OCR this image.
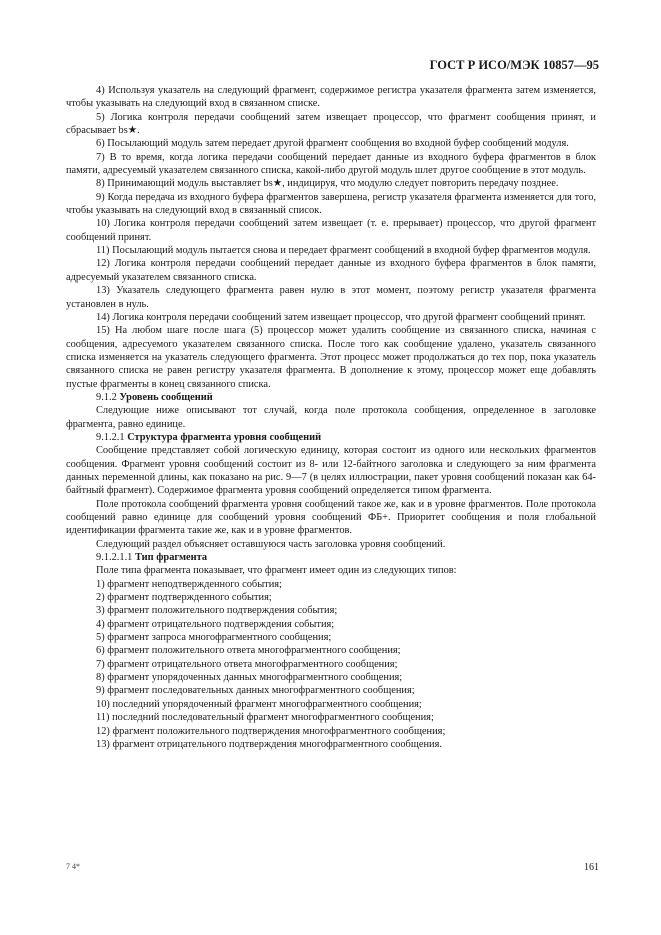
ГОСТ Р ИСО/МЭК 10857—95

4) Используя указатель на следующий фрагмент, содержимое регистра указателя фрагмента затем изменяется, чтобы указывать на следующий вход в связанном списке.

5) Логика контроля передачи сообщений затем извещает процессор, что фрагмент сообщения принят, и сбрасывает bs★.

6) Посылающий модуль затем передает другой фрагмент сообщения во входной буфер сообщений модуля.

7) В то время, когда логика передачи сообщений передает данные из входного буфера фрагментов в блок памяти, адресуемый указателем связанного списка, какой-либо другой модуль шлет другое сообщение в этот модуль.

8) Принимающий модуль выставляет bs★, индицируя, что модулю следует повторить передачу позднее.

9) Когда передача из входного буфера фрагментов завершена, регистр указателя фрагмента изменяется для того, чтобы указывать на следующий вход в связанный список.

10) Логика контроля передачи сообщений затем извещает (т. е. прерывает) процессор, что другой фрагмент сообщений принят.

11) Посылающий модуль пытается снова и передает фрагмент сообщений в входной буфер фрагментов модуля.

12) Логика контроля передачи сообщений передает данные из входного буфера фрагментов в блок памяти, адресуемый указателем связанного списка.

13) Указатель следующего фрагмента равен нулю в этот момент, поэтому регистр указателя фрагмента установлен в нуль.

14) Логика контроля передачи сообщений затем извещает процессор, что другой фрагмент сообщений принят.

15) На любом шаге после шага (5) процессор может удалить сообщение из связанного списка, начиная с сообщения, адресуемого указателем связанного списка. После того как сообщение удалено, указатель связанного списка изменяется на указатель следующего фрагмента. Этот процесс может продолжаться до тех пор, пока указатель связанного списка не равен регистру указателя фрагмента. В дополнение к этому, процессор может еще добавлять пустые фрагменты в конец связанного списка.

9.1.2 Уровень сообщений

Следующие ниже описывают тот случай, когда поле протокола сообщения, определенное в заголовке фрагмента, равно единице.

9.1.2.1 Структура фрагмента уровня сообщений

Сообщение представляет собой логическую единицу, которая состоит из одного или нескольких фрагментов сообщения. Фрагмент уровня сообщений состоит из 8- или 12-байтного заголовка и следующего за ним фрагмента данных переменной длины, как показано на рис. 9—7 (в целях иллюстрации, пакет уровня сообщений показан как 64-байтный фрагмент). Содержимое фрагмента уровня сообщений определяется типом фрагмента.

Поле протокола сообщений фрагмента уровня сообщений такое же, как и в уровне фрагментов. Поле протокола сообщений равно единице для сообщений уровня сообщений ФБ+. Приоритет сообщения и поля глобальной идентификации фрагмента такие же, как и в уровне фрагментов.

Следующий раздел объясняет оставшуюся часть заголовка уровня сообщений.

9.1.2.1.1 Тип фрагмента

Поле типа фрагмента показывает, что фрагмент имеет один из следующих типов:

1) фрагмент неподтвержденного события;

2) фрагмент подтвержденного события;

3) фрагмент положительного подтверждения события;

4) фрагмент отрицательного подтверждения события;

5) фрагмент запроса многофрагментного сообщения;

6) фрагмент положительного ответа многофрагментного сообщения;

7) фрагмент отрицательного ответа многофрагментного сообщения;

8) фрагмент упорядоченных данных многофрагментного сообщения;

9) фрагмент последовательных данных многофрагментного сообщения;

10) последний упорядоченный фрагмент многофрагментного сообщения;

11) последний последовательный фрагмент многофрагментного сообщения;

12) фрагмент положительного подтверждения многофрагментного сообщения;

13) фрагмент отрицательного подтверждения многофрагментного сообщения.

7 4*	161
